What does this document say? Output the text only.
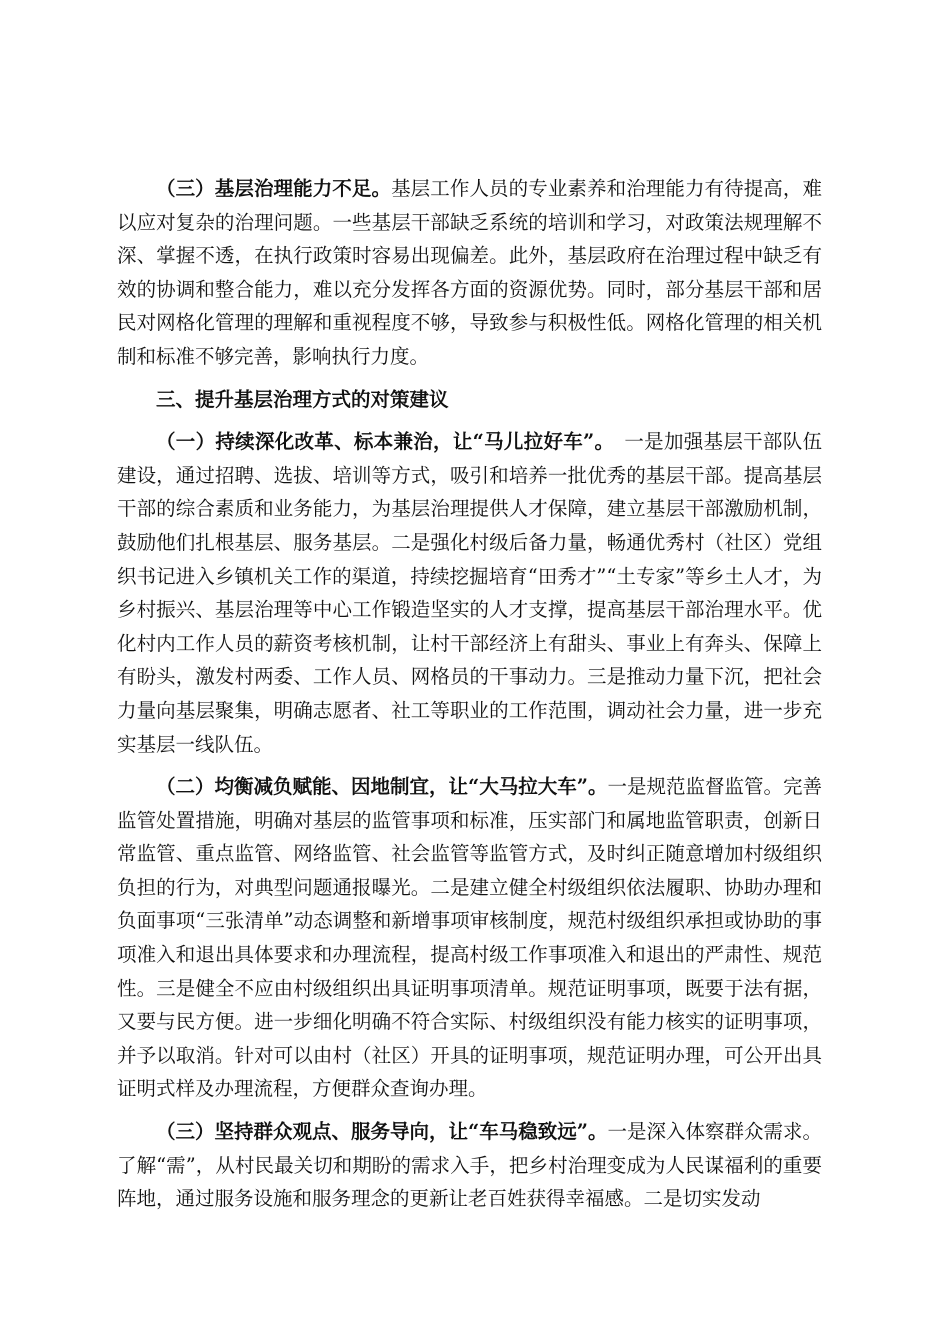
（三）基层治理能力不足。基层工作人员的专业素养和治理能力有待提高，难以应对复杂的治理问题。一些基层干部缺乏系统的培训和学习，对政策法规理解不深、掌握不透，在执行政策时容易出现偏差。此外，基层政府在治理过程中缺乏有效的协调和整合能力，难以充分发挥各方面的资源优势。同时，部分基层干部和居民对网格化管理的理解和重视程度不够，导致参与积极性低。网格化管理的相关机制和标准不够完善，影响执行力度。

三、提升基层治理方式的对策建议

（一）持续深化改革、标本兼治，让“马儿拉好车”。　一是加强基层干部队伍建设，通过招聘、选拔、培训等方式，吸引和培养一批优秀的基层干部。提高基层干部的综合素质和业务能力，为基层治理提供人才保障，建立基层干部激励机制，鼓励他们扎根基层、服务基层。二是强化村级后备力量，畅通优秀村（社区）党组织书记进入乡镇机关工作的渠道，持续挖掘培育“田秀才”“土专家”等乡土人才，为乡村振兴、基层治理等中心工作锻造坚实的人才支撑，提高基层干部治理水平。优化村内工作人员的薪资考核机制，让村干部经济上有甜头、事业上有奔头、保障上有盼头，激发村两委、工作人员、网格员的干事动力。三是推动力量下沉，把社会力量向基层聚集，明确志愿者、社工等职业的工作范围，调动社会力量，进一步充实基层一线队伍。

（二）均衡减负赋能、因地制宜，让“大马拉大车”。一是规范监督监管。完善监管处置措施，明确对基层的监管事项和标准，压实部门和属地监管职责，创新日常监管、重点监管、网络监管、社会监管等监管方式，及时纠正随意增加村级组织负担的行为，对典型问题通报曝光。二是建立健全村级组织依法履职、协助办理和负面事项“三张清单”动态调整和新增事项审核制度，规范村级组织承担或协助的事项准入和退出具体要求和办理流程，提高村级工作事项准入和退出的严肃性、规范性。三是健全不应由村级组织出具证明事项清单。规范证明事项，既要于法有据，又要与民方便。进一步细化明确不符合实际、村级组织没有能力核实的证明事项，并予以取消。针对可以由村（社区）开具的证明事项，规范证明办理，可公开出具证明式样及办理流程，方便群众查询办理。

（三）坚持群众观点、服务导向，让“车马稳致远”。一是深入体察群众需求。了解“需”，从村民最关切和期盼的需求入手，把乡村治理变成为人民谋福利的重要阵地，通过服务设施和服务理念的更新让老百姓获得幸福感。二是切实发动
